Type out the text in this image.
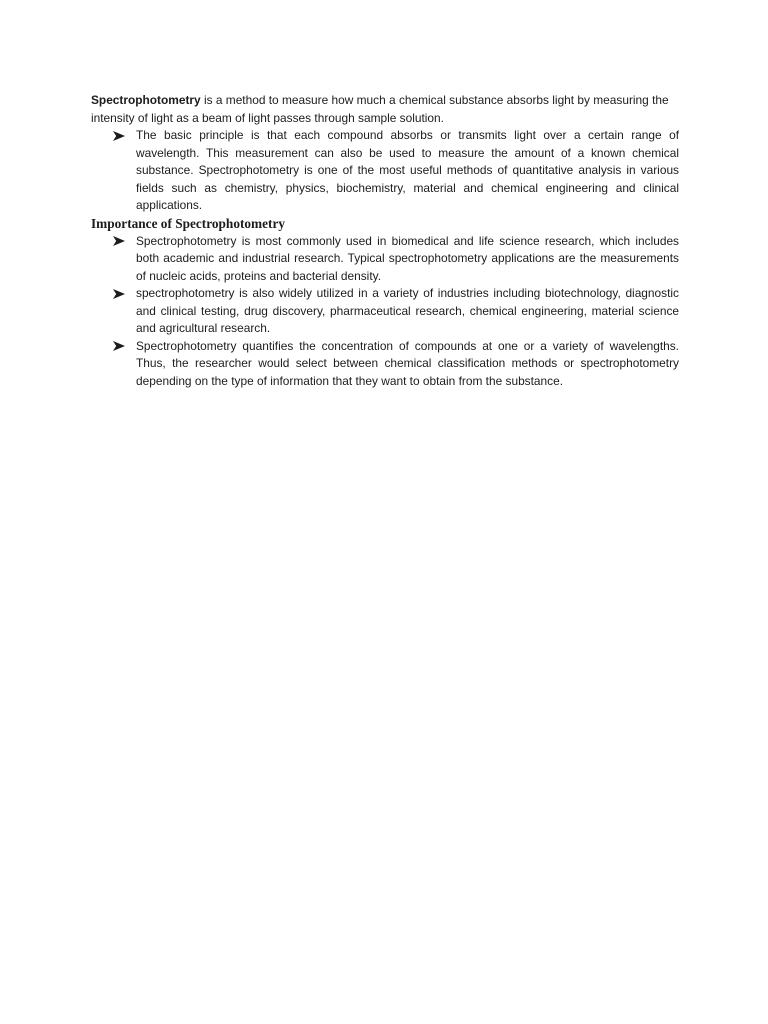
Spectrophotometry is a method to measure how much a chemical substance absorbs light by measuring the intensity of light as a beam of light passes through sample solution.

The basic principle is that each compound absorbs or transmits light over a certain range of wavelength. This measurement can also be used to measure the amount of a known chemical substance. Spectrophotometry is one of the most useful methods of quantitative analysis in various fields such as chemistry, physics, biochemistry, material and chemical engineering and clinical applications.
Importance of Spectrophotometry
Spectrophotometry is most commonly used in biomedical and life science research, which includes both academic and industrial research. Typical spectrophotometry applications are the measurements of nucleic acids, proteins and bacterial density.
spectrophotometry is also widely utilized in a variety of industries including biotechnology, diagnostic and clinical testing, drug discovery, pharmaceutical research, chemical engineering, material science and agricultural research.
Spectrophotometry quantifies the concentration of compounds at one or a variety of wavelengths. Thus, the researcher would select between chemical classification methods or spectrophotometry depending on the type of information that they want to obtain from the substance.
